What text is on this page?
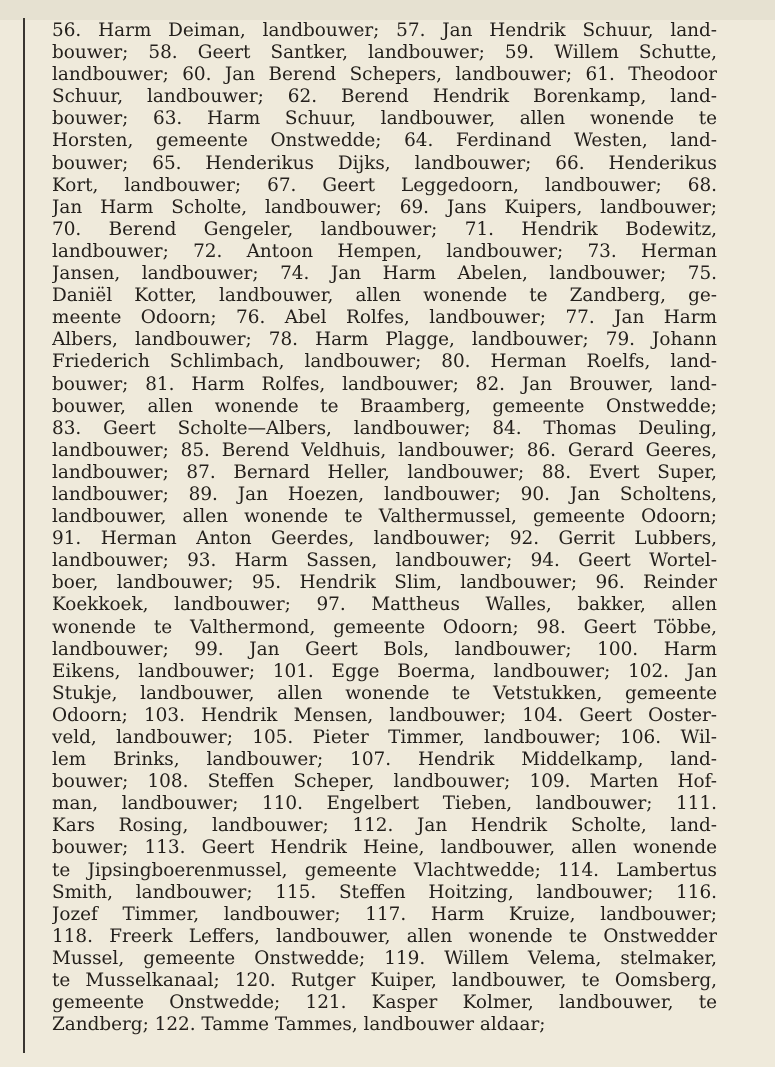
56. Harm Deiman, landbouwer; 57. Jan Hendrik Schuur, land-
bouwer; 58. Geert Santker, landbouwer; 59. Willem Schutte,
landbouwer; 60. Jan Berend Schepers, landbouwer; 61. Theodoor
Schuur, landbouwer; 62. Berend Hendrik Borenkamp, land-
bouwer; 63. Harm Schuur, landbouwer, allen wonende te
Horsten, gemeente Onstwedde; 64. Ferdinand Westen, land-
bouwer; 65. Henderikus Dijks, landbouwer; 66. Henderikus
Kort, landbouwer; 67. Geert Leggedoorn, landbouwer; 68.
Jan Harm Scholte, landbouwer; 69. Jans Kuipers, landbouwer;
70. Berend Gengeler, landbouwer; 71. Hendrik Bodewitz,
landbouwer; 72. Antoon Hempen, landbouwer; 73. Herman
Jansen, landbouwer; 74. Jan Harm Abelen, landbouwer; 75.
Daniël Kotter, landbouwer, allen wonende te Zandberg, ge-
meente Odoorn; 76. Abel Rolfes, landbouwer; 77. Jan Harm
Albers, landbouwer; 78. Harm Plagge, landbouwer; 79. Johann
Friederich Schlimbach, landbouwer; 80. Herman Roelfs, land-
bouwer; 81. Harm Rolfes, landbouwer; 82. Jan Brouwer, land-
bouwer, allen wonende te Braamberg, gemeente Onstwedde;
83. Geert Scholte—Albers, landbouwer; 84. Thomas Deuling,
landbouwer; 85. Berend Veldhuis, landbouwer; 86. Gerard Geeres,
landbouwer; 87. Bernard Heller, landbouwer; 88. Evert Super,
landbouwer; 89. Jan Hoezen, landbouwer; 90. Jan Scholtens,
landbouwer, allen wonende te Valthermussel, gemeente Odoorn;
91. Herman Anton Geerdes, landbouwer; 92. Gerrit Lubbers,
landbouwer; 93. Harm Sassen, landbouwer; 94. Geert Wortel-
boer, landbouwer; 95. Hendrik Slim, landbouwer; 96. Reinder
Koekkoek, landbouwer; 97. Mattheus Walles, bakker, allen
wonende te Valthermond, gemeente Odoorn; 98. Geert Többe,
landbouwer; 99. Jan Geert Bols, landbouwer; 100. Harm
Eikens, landbouwer; 101. Egge Boerma, landbouwer; 102. Jan
Stukje, landbouwer, allen wonende te Vetstukken, gemeente
Odoorn; 103. Hendrik Mensen, landbouwer; 104. Geert Ooster-
veld, landbouwer; 105. Pieter Timmer, landbouwer; 106. Wil-
lem Brinks, landbouwer; 107. Hendrik Middelkamp, land-
bouwer; 108. Steffen Scheper, landbouwer; 109. Marten Hof-
man, landbouwer; 110. Engelbert Tieben, landbouwer; 111.
Kars Rosing, landbouwer; 112. Jan Hendrik Scholte, land-
bouwer; 113. Geert Hendrik Heine, landbouwer, allen wonende
te Jipsingboerenmussel, gemeente Vlachtwedde; 114. Lambertus
Smith, landbouwer; 115. Steffen Hoitzing, landbouwer; 116.
Jozef Timmer, landbouwer; 117. Harm Kruize, landbouwer;
118. Freerk Leffers, landbouwer, allen wonende te Onstwedder
Mussel, gemeente Onstwedde; 119. Willem Velema, stelmaker,
te Musselkanaal; 120. Rutger Kuiper, landbouwer, te Oomsberg,
gemeente Onstwedde; 121. Kasper Kolmer, landbouwer, te
Zandberg; 122. Tamme Tammes, landbouwer aldaar;
